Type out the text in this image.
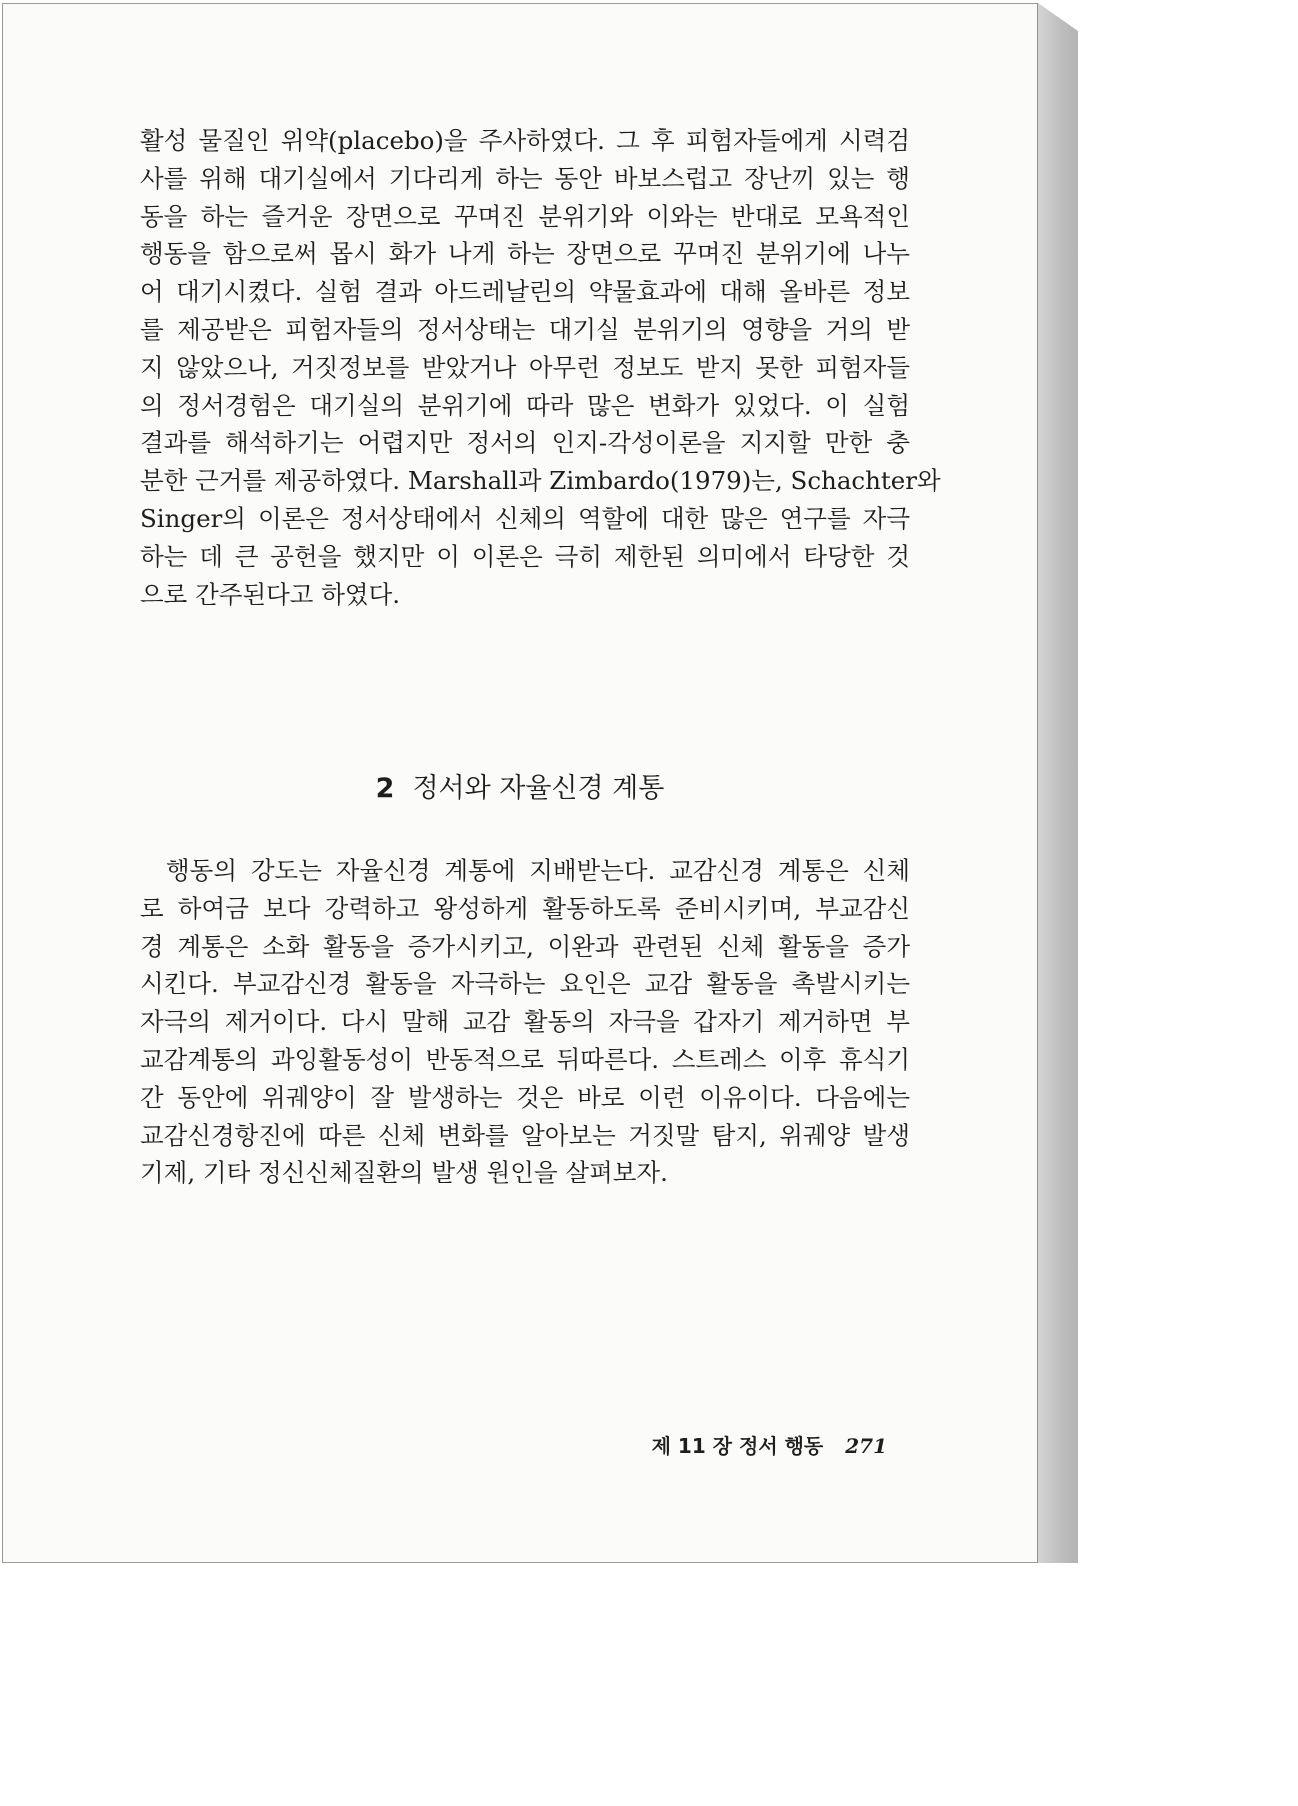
활성 물질인 위약(placebo)을 주사하였다. 그 후 피험자들에게 시력검
사를 위해 대기실에서 기다리게 하는 동안 바보스럽고 장난끼 있는 행
동을 하는 즐거운 장면으로 꾸며진 분위기와 이와는 반대로 모욕적인
행동을 함으로써 몹시 화가 나게 하는 장면으로 꾸며진 분위기에 나누
어 대기시켰다. 실험 결과 아드레날린의 약물효과에 대해 올바른 정보
를 제공받은 피험자들의 정서상태는 대기실 분위기의 영향을 거의 받
지 않았으나, 거짓정보를 받았거나 아무런 정보도 받지 못한 피험자들
의 정서경험은 대기실의 분위기에 따라 많은 변화가 있었다. 이 실험
결과를 해석하기는 어렵지만 정서의 인지-각성이론을 지지할 만한 충
분한 근거를 제공하였다. Marshall과 Zimbardo(1979)는, Schachter와
Singer의 이론은 정서상태에서 신체의 역할에 대한 많은 연구를 자극
하는 데 큰 공헌을 했지만 이 이론은 극히 제한된 의미에서 타당한 것
으로 간주된다고 하였다.
2 정서와 자율신경 계통
행동의 강도는 자율신경 계통에 지배받는다. 교감신경 계통은 신체
로 하여금 보다 강력하고 왕성하게 활동하도록 준비시키며, 부교감신
경 계통은 소화 활동을 증가시키고, 이완과 관련된 신체 활동을 증가
시킨다. 부교감신경 활동을 자극하는 요인은 교감 활동을 촉발시키는
자극의 제거이다. 다시 말해 교감 활동의 자극을 갑자기 제거하면 부
교감계통의 과잉활동성이 반동적으로 뒤따른다. 스트레스 이후 휴식기
간 동안에 위궤양이 잘 발생하는 것은 바로 이런 이유이다. 다음에는
교감신경항진에 따른 신체 변화를 알아보는 거짓말 탐지, 위궤양 발생
기제, 기타 정신신체질환의 발생 원인을 살펴보자.
제 11 장 정서 행동 271
